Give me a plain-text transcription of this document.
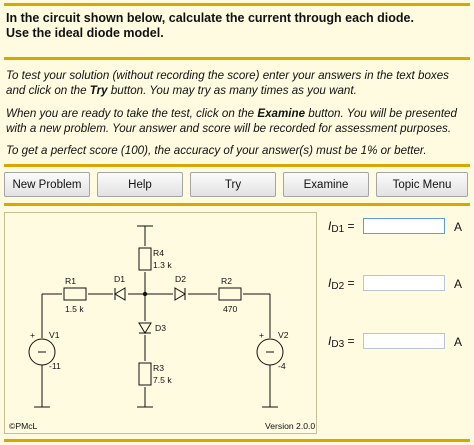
In the circuit shown below, calculate the current through each diode.
Use the ideal diode model.
To test your solution (without recording the score) enter your answers in the text boxes and click on the Try button. You may try as many times as you want.
When you are ready to take the test, click on the Examine button. You will be presented with a new problem. Your answer and score will be recorded for assessment purposes.
To get a perfect score (100), the accuracy of your answer(s) must be 1% or better.
New Problem	Help	Try	Examine	Topic Menu
R4
1.3 k
R1
1.5 k
R2
470
D1	D2
D3
R3
7.5 k
+ V1
-11
+ V2
-4
©PMcL	Version 2.0.0
$I_{D1}$ =	A
$I_{D2}$ =	A
$I_{D3}$ =	A
